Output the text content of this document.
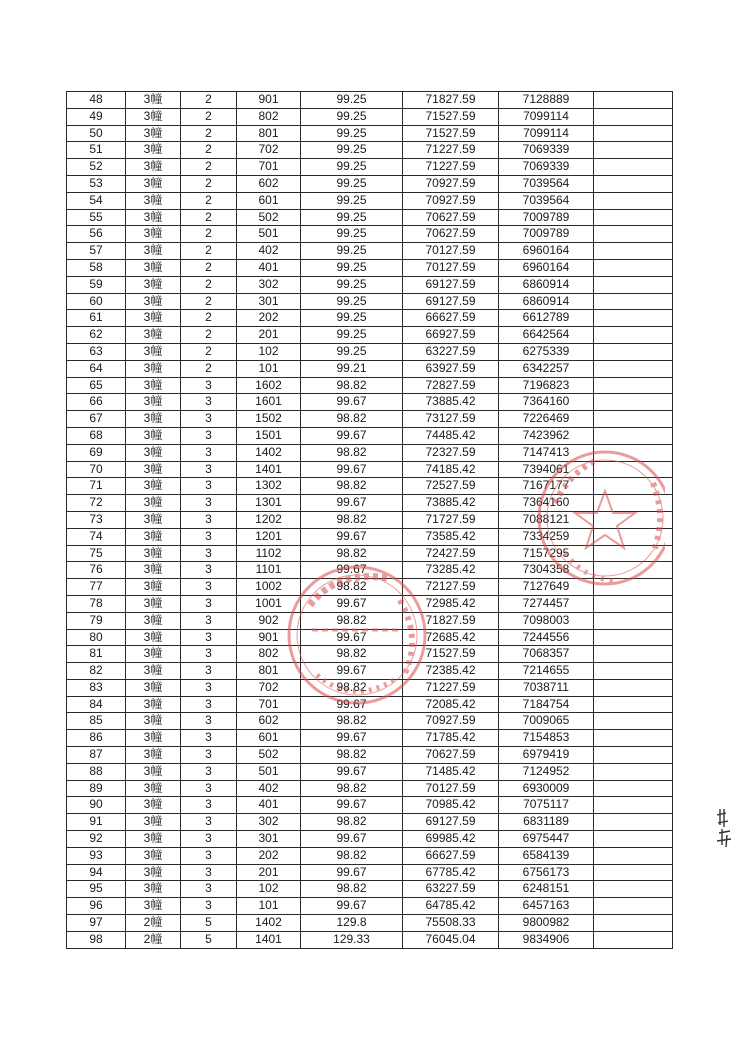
48	3幢	2	901	99.25	71827.59	7128889	
49	3幢	2	802	99.25	71527.59	7099114	
50	3幢	2	801	99.25	71527.59	7099114	
51	3幢	2	702	99.25	71227.59	7069339	
52	3幢	2	701	99.25	71227.59	7069339	
53	3幢	2	602	99.25	70927.59	7039564	
54	3幢	2	601	99.25	70927.59	7039564	
55	3幢	2	502	99.25	70627.59	7009789	
56	3幢	2	501	99.25	70627.59	7009789	
57	3幢	2	402	99.25	70127.59	6960164	
58	3幢	2	401	99.25	70127.59	6960164	
59	3幢	2	302	99.25	69127.59	6860914	
60	3幢	2	301	99.25	69127.59	6860914	
61	3幢	2	202	99.25	66627.59	6612789	
62	3幢	2	201	99.25	66927.59	6642564	
63	3幢	2	102	99.25	63227.59	6275339	
64	3幢	2	101	99.21	63927.59	6342257	
65	3幢	3	1602	98.82	72827.59	7196823	
66	3幢	3	1601	99.67	73885.42	7364160	
67	3幢	3	1502	98.82	73127.59	7226469	
68	3幢	3	1501	99.67	74485.42	7423962	
69	3幢	3	1402	98.82	72327.59	7147413	
70	3幢	3	1401	99.67	74185.42	7394061	
71	3幢	3	1302	98.82	72527.59	7167177	
72	3幢	3	1301	99.67	73885.42	7364160	
73	3幢	3	1202	98.82	71727.59	7088121	
74	3幢	3	1201	99.67	73585.42	7334259	
75	3幢	3	1102	98.82	72427.59	7157295	
76	3幢	3	1101	99.67	73285.42	7304358	
77	3幢	3	1002	98.82	72127.59	7127649	
78	3幢	3	1001	99.67	72985.42	7274457	
79	3幢	3	902	98.82	71827.59	7098003	
80	3幢	3	901	99.67	72685.42	7244556	
81	3幢	3	802	98.82	71527.59	7068357	
82	3幢	3	801	99.67	72385.42	7214655	
83	3幢	3	702	98.82	71227.59	7038711	
84	3幢	3	701	99.67	72085.42	7184754	
85	3幢	3	602	98.82	70927.59	7009065	
86	3幢	3	601	99.67	71785.42	7154853	
87	3幢	3	502	98.82	70627.59	6979419	
88	3幢	3	501	99.67	71485.42	7124952	
89	3幢	3	402	98.82	70127.59	6930009	
90	3幢	3	401	99.67	70985.42	7075117	
91	3幢	3	302	98.82	69127.59	6831189	
92	3幢	3	301	99.67	69985.42	6975447	
93	3幢	3	202	98.82	66627.59	6584139	
94	3幢	3	201	99.67	67785.42	6756173	
95	3幢	3	102	98.82	63227.59	6248151	
96	3幢	3	101	99.67	64785.42	6457163	
97	2幢	5	1402	129.8	75508.33	9800982	
98	2幢	5	1401	129.33	76045.04	9834906	
